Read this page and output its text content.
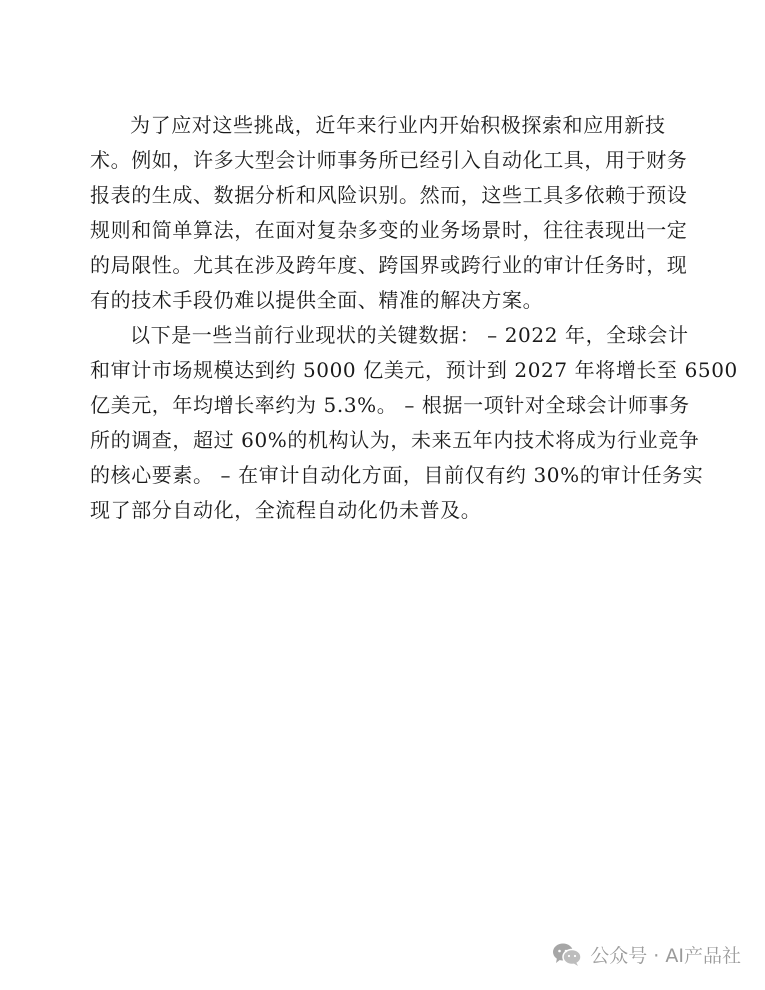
为了应对这些挑战，近年来行业内开始积极探索和应用新技
术。例如，许多大型会计师事务所已经引入自动化工具，用于财务
报表的生成、数据分析和风险识别。然而，这些工具多依赖于预设
规则和简单算法，在面对复杂多变的业务场景时，往往表现出一定
的局限性。尤其在涉及跨年度、跨国界或跨行业的审计任务时，现
有的技术手段仍难以提供全面、精准的解决方案。
以下是一些当前行业现状的关键数据： – 2022 年，全球会计
和审计市场规模达到约 5000 亿美元，预计到 2027 年将增长至 6500
亿美元，年均增长率约为 5.3%。 – 根据一项针对全球会计师事务
所的调查，超过 60%的机构认为，未来五年内技术将成为行业竞争
的核心要素。 – 在审计自动化方面，目前仅有约 30%的审计任务实
现了部分自动化，全流程自动化仍未普及。
公众号 · AI产品社
